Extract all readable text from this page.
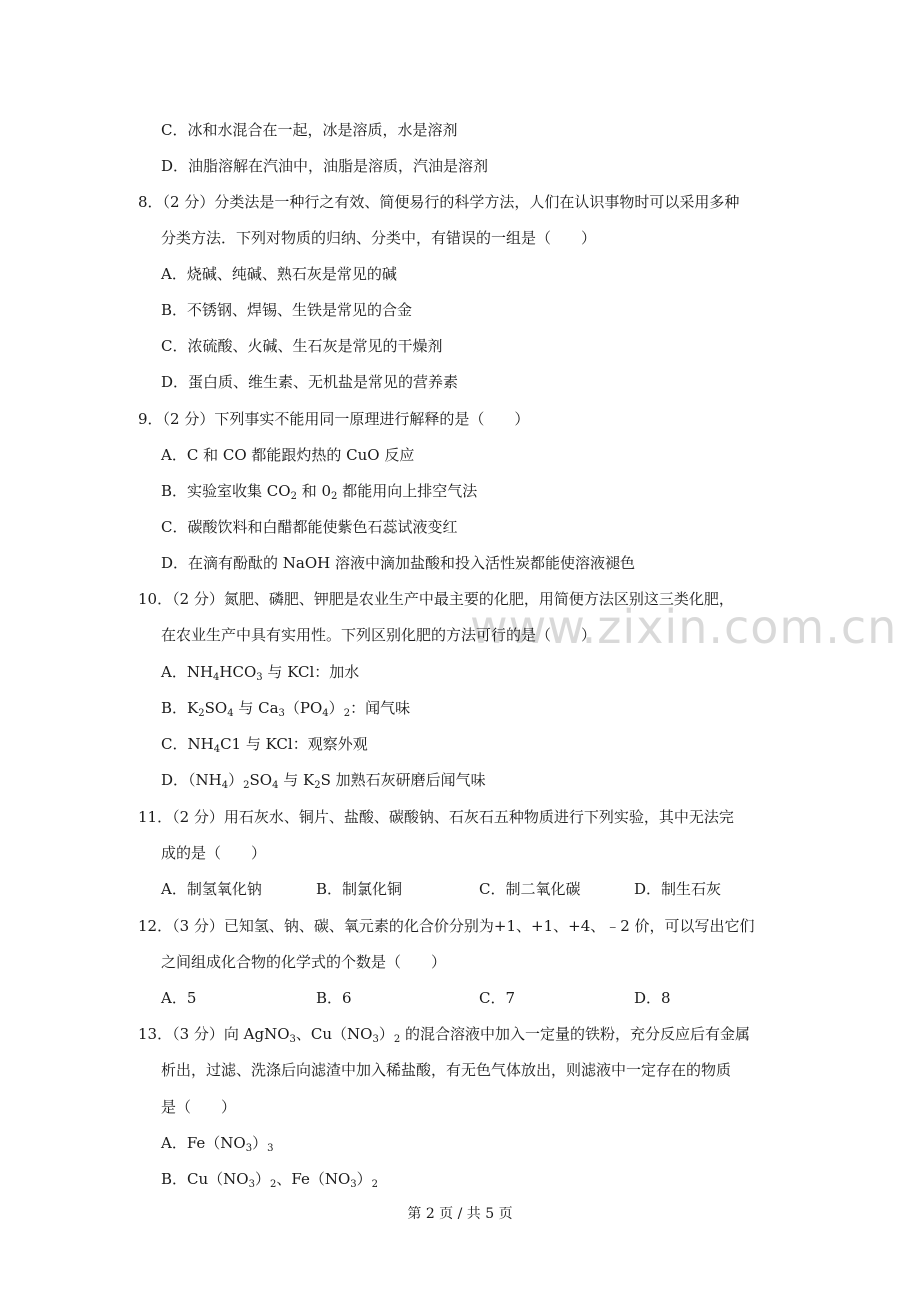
www.zixin.com.cn
C．冰和水混合在一起，冰是溶质，水是溶剂
D．油脂溶解在汽油中，油脂是溶质，汽油是溶剂
8．（2 分）分类法是一种行之有效、简便易行的科学方法，人们在认识事物时可以采用多种
分类方法．下列对物质的归纳、分类中，有错误的一组是（　　）
A．烧碱、纯碱、熟石灰是常见的碱
B．不锈钢、焊锡、生铁是常见的合金
C．浓硫酸、火碱、生石灰是常见的干燥剂
D．蛋白质、维生素、无机盐是常见的营养素
9．（2 分）下列事实不能用同一原理进行解释的是（　　）
A．C 和 CO 都能跟灼热的 CuO 反应
B．实验室收集 $CO_2$ 和 $0_2$ 都能用向上排空气法
C．碳酸饮料和白醋都能使紫色石蕊试液变红
D．在滴有酚酞的 NaOH 溶液中滴加盐酸和投入活性炭都能使溶液褪色
10．（2 分）氮肥、磷肥、钾肥是农业生产中最主要的化肥，用简便方法区别这三类化肥，
在农业生产中具有实用性。下列区别化肥的方法可行的是（　　）
A．$NH_4HCO_3$ 与 KCl：加水
B．$K_2SO_4$ 与 $Ca_3(PO_4)_2$：闻气味
C．$NH_4C1$ 与 KCl：观察外观
D．$(NH_4)_2SO_4$ 与 $K_2S$ 加熟石灰研磨后闻气味
11．（2 分）用石灰水、铜片、盐酸、碳酸钠、石灰石五种物质进行下列实验，其中无法完
成的是（　　）
A．制氢氧化钠	B．制氯化铜	C．制二氧化碳	D．制生石灰
12．（3 分）已知氢、钠、碳、氧元素的化合价分别为+1、+1、+4、﹣2 价，可以写出它们
之间组成化合物的化学式的个数是（　　）
A．5	B．6	C．7	D．8
13．（3 分）向 AgNO$_3$、$Cu(NO_3)_2$ 的混合溶液中加入一定量的铁粉，充分反应后有金属
析出，过滤、洗涤后向滤渣中加入稀盐酸，有无色气体放出，则滤液中一定存在的物质
是（　　）
A．$Fe(NO_3)_3$
B．$Cu(NO_3)_2$、$Fe(NO_3)_2$
第 2 页 / 共 5 页
